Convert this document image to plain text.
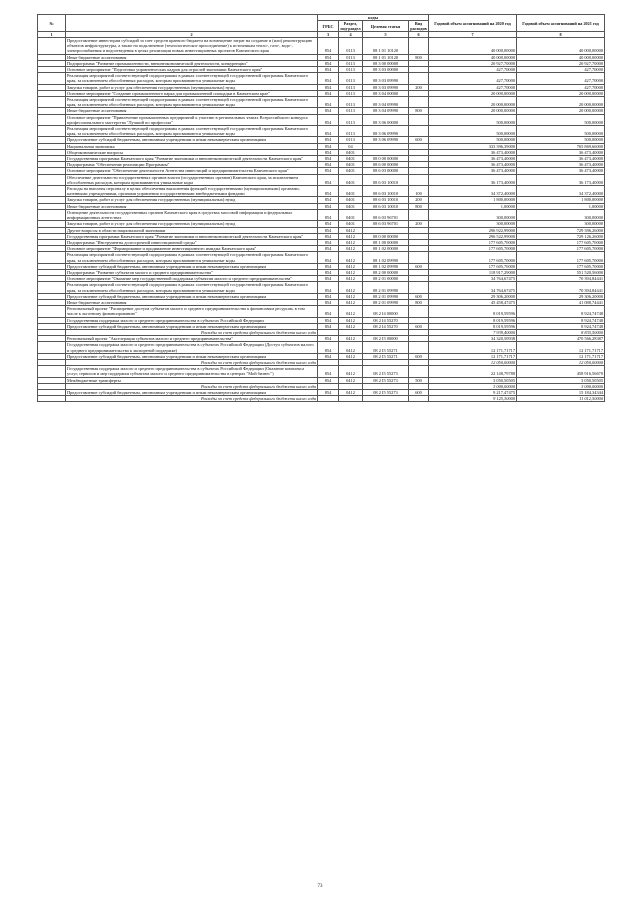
№		коды				Годовой объем ассигнований на 2020 год	Годовой объем ассигнований на 2021 год
		ГРБС	Раздел, под-раздел	Целевая статья	Вид расходов		
1	2	3	4	5	6	7	8
	Предоставление инвесторам субсидий за счет средств краевого бюджета на возмещение затрат на создание и (или) реконструкцию объектов инфраструктуры, а также на подключение (технологическое присоединение) к источникам тепло-, газо-, водо-, электроснабжения и водоотведения в целях реализации новых инвестиционных проектов Камчатского края	854	0113	08 1 01 10120		40 000,00000	40 000,00000
	Иные бюджетные ассигнования	854	0113	08 1 01 10120	800	40 000,00000	40 000,00000
	Подпрограмма "Развитие промышленности, внешнеэкономической деятельности, конкуренции"	854	0113	08 3 00 00000		20 927,70000	20 927,70000
	Основное мероприятие "Подготовка управленческих кадров для отраслей экономики Камчатского края"	854	0113	08 3 03 00000		427,70000	427,70000
	Реализация мероприятий соответствующей подпрограммы в рамках соответствующей государственной программы Камчатского края, за исключением обособленных расходов, которым присваиваются уникальные коды	854	0113	08 3 03 09990		427,70000	427,70000
	Закупка товаров, работ и услуг для обеспечения государственных (муниципальных) нужд	854	0113	08 3 03 09990	200	427,70000	427,70000
	Основное мероприятие "Создание промышленного парка для промышленной площадки в Камчатском крае"	854	0113	08 3 04 00000		20 000,00000	20 000,00000
	Реализация мероприятий соответствующей подпрограммы в рамках соответствующей государственной программы Камчатского края, за исключением обособленных расходов, которым присваиваются уникальные коды	854	0113	08 3 04 09990		20 000,00000	20 000,00000
	Иные бюджетные ассигнования	854	0113	08 3 04 09990	800	20 000,00000	20 000,00000
	Основное мероприятие "Привлечение промышленных предприятий к участию в региональных этапах Всероссийского конкурса профессионального мастерства "Лучший по профессии"	854	0113	08 3 06 00000		500,00000	500,00000
	Реализация мероприятий соответствующей подпрограммы в рамках соответствующей государственной программы Камчатского края, за исключением обособленных расходов, которым присваиваются уникальные коды	854	0113	08 3 06 09990		500,00000	500,00000
	Предоставление субсидий бюджетным, автономным учреждениям и иным некоммерческим организациям	854	0113	08 3 06 09990	600	500,00000	500,00000
	Национальная экономика	854	04			333 396,39000	765 869,66000
	Общеэкономические вопросы	854	0401			36 473,40000	36 473,40000
	Государственная программа Камчатского края "Развитие экономики и внешнеэкономической деятельности Камчатского края"	854	0401	08 0 00 00000		36 473,40000	36 473,40000
	Подпрограмма "Обеспечение реализации Программы"	854	0401	08 6 00 00000		36 473,40000	36 473,40000
	Основное мероприятие "Обеспечение деятельности Агентства инвестиций и предпринимательства Камчатского края"	854	0401	08 6 03 00000		36 473,40000	36 473,40000
	Обеспечение деятельности государственных органов власти (государственных органов) Камчатского края, за исключением обособленных расходов, которым присваиваются уникальные коды	854	0401	08 6 03 10010		36 173,40000	36 173,40000
	Расходы на выплаты персоналу в целях обеспечения выполнения функций государственными (муниципальными) органами, казенными учреждениями, органами управления государственными внебюджетными фондами	854	0401	08 6 03 10010	100	34 372,40000	34 372,40000
	Закупка товаров, работ и услуг для обеспечения государственных (муниципальных) нужд	854	0401	08 6 03 10010	200	1 800,00000	1 800,00000
	Иные бюджетные ассигнования	854	0401	08 6 03 10010	800	1,00000	1,00000
	Освещение деятельности государственных органов Камчатского края в средствах массовой информации и федеральных информационных агентствах	854	0401	08 6 03 96701		300,00000	300,00000
	Закупка товаров, работ и услуг для обеспечения государственных (муниципальных) нужд	854	0401	08 6 03 96701	200	300,00000	300,00000
	Другие вопросы в области национальной экономики	854	0412			296 922,99000	729 396,26000
	Государственная программа Камчатского края "Развитие экономики и внешнеэкономической деятельности Камчатского края"	854	0412	08 0 00 00000		296 522,99000	729 126,26000
	Подпрограмма "Инструменты долгосрочной инвестиционной среды"	854	0412	08 1 00 00000		177 605,70000	177 605,70000
	Основное мероприятие "Формирование и продвижение инвестиционного имиджа Камчатского края"	854	0412	08 1 02 00000		177 605,70000	177 605,70000
	Реализация мероприятий соответствующей подпрограммы в рамках соответствующей государственной программы Камчатского края, за исключением обособленных расходов, которым присваиваются уникальные коды	854	0412	08 1 02 09990		177 605,70000	177 605,70000
	Предоставление субсидий бюджетным, автономным учреждениям и иным некоммерческим организациям	854	0412	08 1 02 09990	600	177 605,70000	177 605,70000
	Подпрограмма "Развитие субъектов малого и среднего предпринимательства"	854	0412	08 2 00 00000		118 917,29000	551 520,56000
	Основное мероприятие "Оказание мер государственной поддержки субъектам малого и среднего предпринимательства"	854	0412	08 2 01 00000		34 764,67475	70 394,84441
	Реализация мероприятий соответствующей подпрограммы в рамках соответствующей государственной программы Камчатского края, за исключением обособленных расходов, которым присваиваются уникальные коды	854	0412	08 2 01 09990		34 764,67475	70 394,84441
	Предоставление субсидий бюджетным, автономным учреждениям и иным некоммерческим организациям	854	0412	08 2 01 09990	600	29 306,20000	29 306,20000
	Иные бюджетные ассигнования	854	0412	08 2 01 09990	800	45 458,47475	41 088,74441
	Региональный проект "Расширение доступа субъектов малого и среднего предпринимательства к финансовым ресурсам, в том числе к льготному финансированию"	854	0412	08 2 I4 00000		8 019,59596	8 924,74748
	Государственная поддержка малого и среднего предпринимательства в субъектах Российской Федерации	854	0412	08 2 I4 55270		8 019,59596	8 924,74748
	Предоставление субсидий бюджетным, автономным учреждениям и иным некоммерческим организациям	854	0412	08 2 I4 55270	600	8 019,59596	8 924,74748
	Расходы за счет средств федерального бюджета иного года					7 939,40000	8 835,50000
	Региональный проект "Акселерация субъектов малого и среднего предпринимательства"	854	0412	08 2 I5 00000		34 320,50938	470 566,28387
	Государственная поддержка малого и среднего предпринимательства в субъектах Российской Федерации (Доступ субъектов малого и среднего предпринимательства к экспортной поддержке)	854	0412	08 2 I5 55271		12 171,71717	12 171,71717
	Предоставление субсидий бюджетным, автономным учреждениям и иным некоммерческим организациям	854	0412	08 2 I5 55271	600	12 171,71717	12 171,71717
	Расходы за счет средств федерального бюджета иного года					12 050,00000	12 050,00000
	Государственная поддержка малого и среднего предпринимательства в субъектах Российской Федерации (Оказание комплекса услуг, сервисов и мер поддержки субъектам малого и среднего предпринимательства в центрах "Мой бизнес")	854	0412	08 2 I5 55273		22 148,79788	458 916,56670
	Межбюджетные трансферты	854	0412	08 2 I5 55273	500	3 050,50505	3 050,50505
	Расходы за счет средств федерального бюджета иного года					3 000,00000	3 000,00000
	Предоставление субсидий бюджетным, автономным учреждениям и иным некоммерческим организациям	854	0412	08 2 I5 55273	600	9 217,47475	15 184,34344
	Расходы за счет средств федерального бюджета иного года					9 125,30000	11 012,50000
73
